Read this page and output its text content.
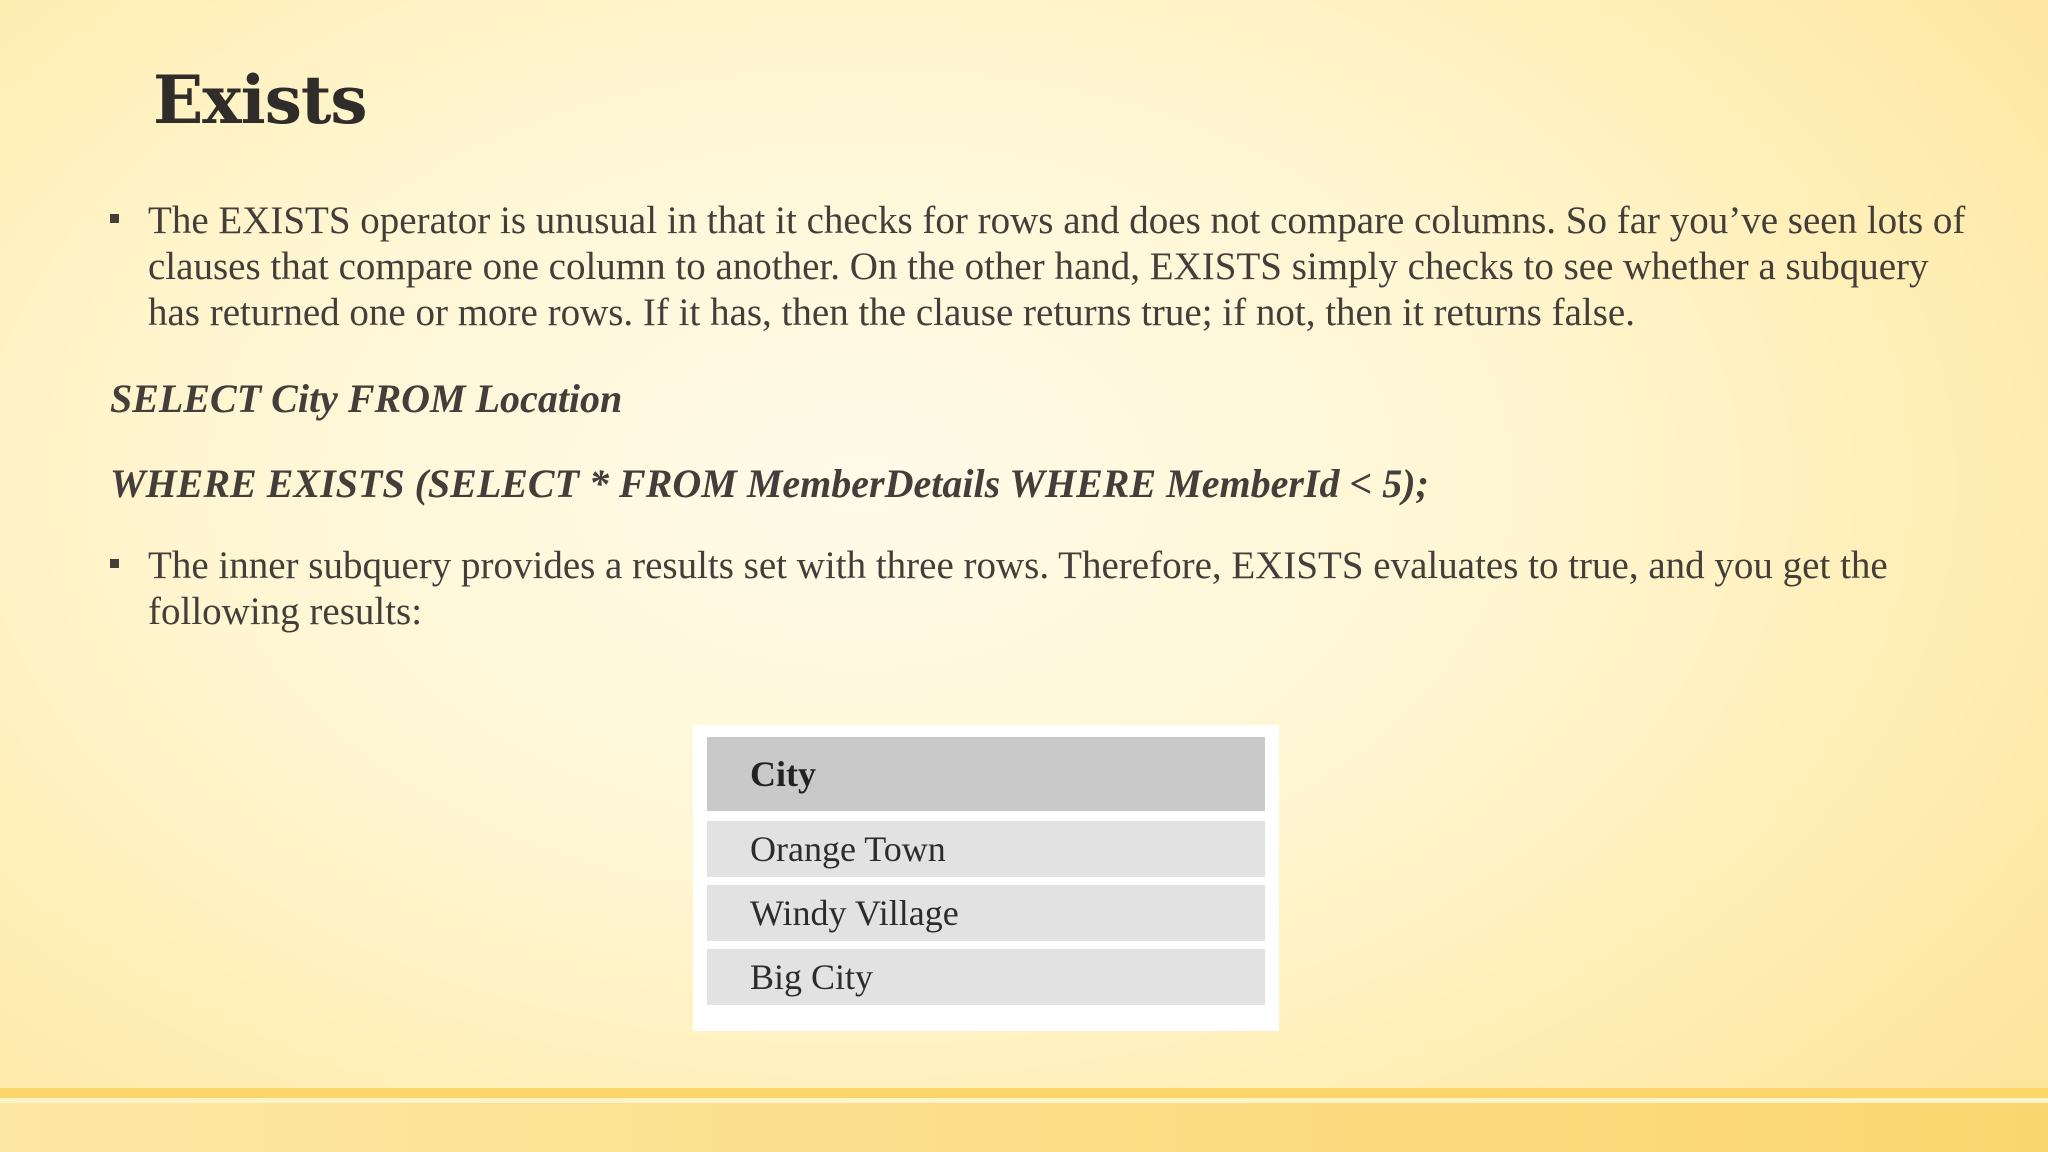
Exists
The EXISTS operator is unusual in that it checks for rows and does not compare columns. So far you’ve seen lots of clauses that compare one column to another. On the other hand, EXISTS simply checks to see whether a subquery has returned one or more rows. If it has, then the clause returns true; if not, then it returns false.

SELECT City FROM Location

WHERE EXISTS (SELECT * FROM MemberDetails WHERE MemberId < 5);

The inner subquery provides a results set with three rows. Therefore, EXISTS evaluates to true, and you get the following results:
City
Orange Town
Windy Village
Big City
